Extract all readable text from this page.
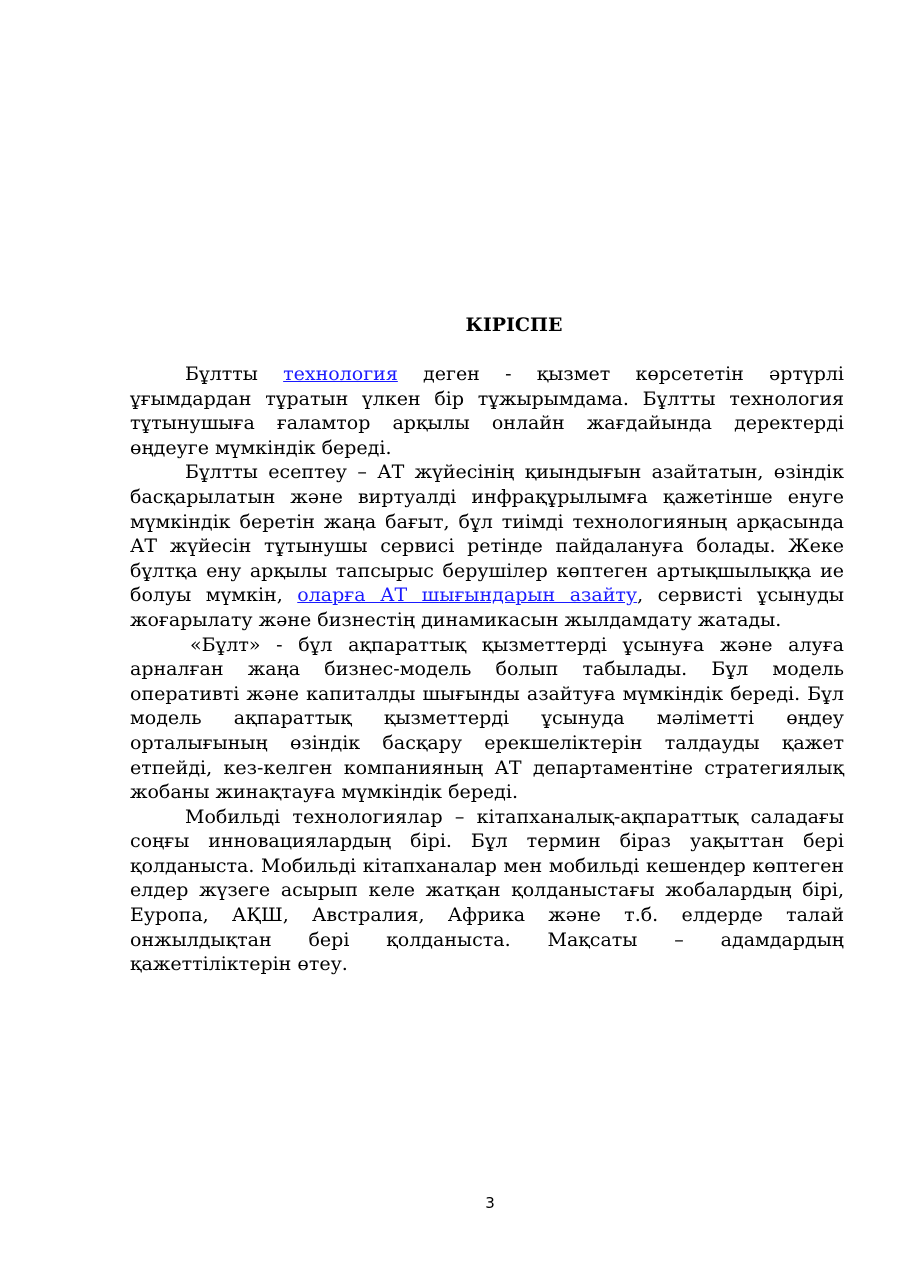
КІРІСПЕ

Бұлтты технология деген - қызмет көрсететін әртүрлі ұғымдардан тұратын үлкен бір тұжырымдама. Бұлтты технология тұтынушыға ғаламтор арқылы онлайн жағдайында деректерді өңдеуге мүмкіндік береді.

Бұлтты есептеу – АТ жүйесінің қиындығын азайтатын, өзіндік басқарылатын және виртуалді инфрақұрылымға қажетінше енуге мүмкіндік беретін жаңа бағыт, бұл тиімді технологияның арқасында АТ жүйесін тұтынушы сервисі ретінде пайдалануға болады. Жеке бұлтқа ену арқылы тапсырыс берушілер көптеген артықшылыққа ие болуы мүмкін, оларға АТ шығындарын азайту, сервисті ұсынуды жоғарылату және бизнестің динамикасын жылдамдату жатады.

«Бұлт» - бұл ақпараттық қызметтерді ұсынуға және алуға арналған жаңа бизнес-модель болып табылады. Бұл модель оперативті және капиталды шығынды азайтуға мүмкіндік береді. Бұл модель ақпараттық қызметтерді ұсынуда мәліметті өңдеу орталығының өзіндік басқару ерекшеліктерін талдауды қажет етпейді, кез-келген компанияның АТ департаментіне стратегиялық жобаны жинақтауға мүмкіндік береді.

Мобильді технологиялар – кітапханалық-ақпараттық саладағы соңғы инновациялардың бірі. Бұл термин біраз уақыттан бері қолданыста. Мобильді кітапханалар мен мобильді кешендер көптеген елдер жүзеге асырып келе жатқан қолданыстағы жобалардың бірі, Еуропа, АҚШ, Австралия, Африка және т.б. елдерде талай онжылдықтан бері қолданыста. Мақсаты – адамдардың қажеттіліктерін өтеу.

3
